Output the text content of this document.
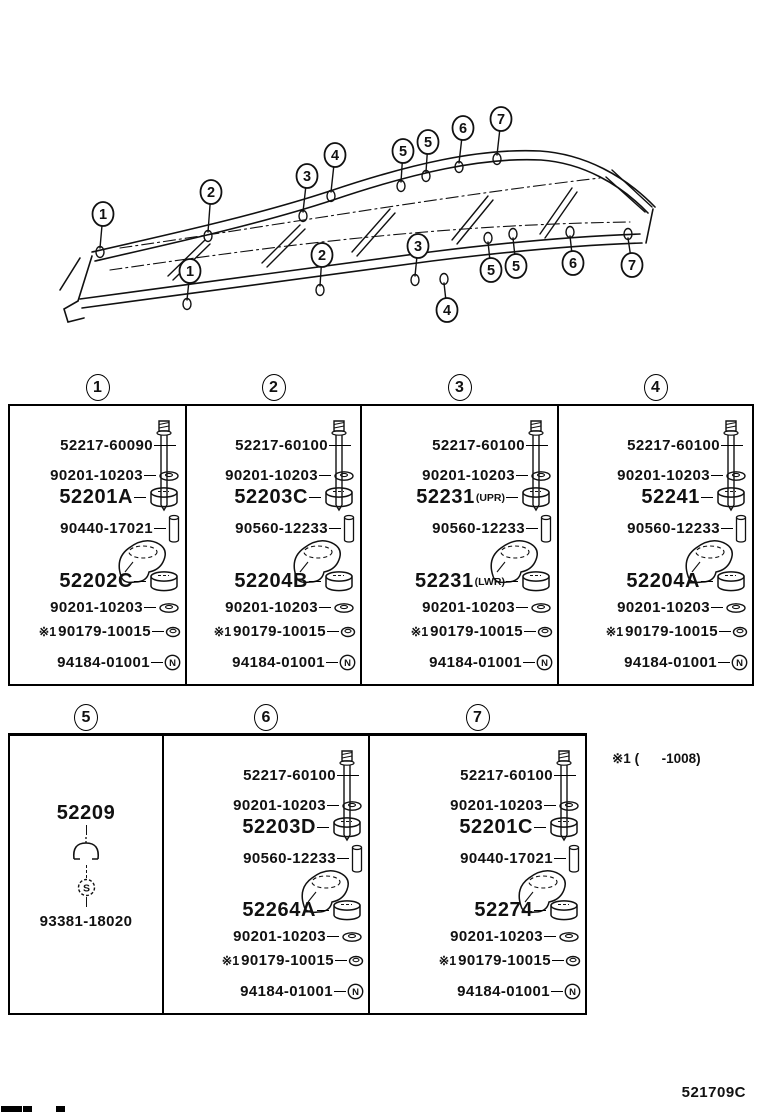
1
2
3
4	5
5
6
7
1
2
3
4
5 5	6	7
1
52217-60090
90201-10203
52201A
90440-17021
52202C
90201-10203
※1 90179-10015
94184-01001 N
2
52217-60100
90201-10203
52203C
90560-12233
52204B
90201-10203
※1 90179-10015
94184-01001 N
3
52217-60100
90201-10203
52231 (UPR)
90560-12233
52231 (LWR)
90201-10203
※1 90179-10015
94184-01001 N
4
52217-60100
90201-10203
52241
90560-12233
52204A
90201-10203
※1 90179-10015
94184-01001 N
5
52209
S
93381-18020
6
52217-60100
90201-10203
52203D
90560-12233
52264A
90201-10203
※1 90179-10015
94184-01001 N
7
52217-60100
90201-10203
52201C
90440-17021
52274
90201-10203
※1 90179-10015
94184-01001 N
※1 (      -1008)
521709C
